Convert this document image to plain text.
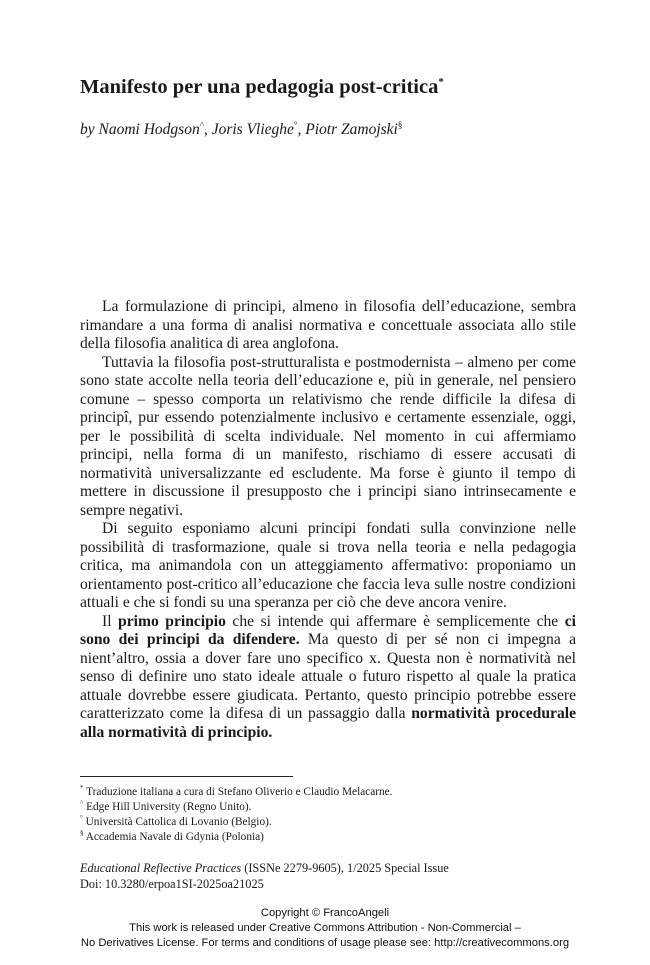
Manifesto per una pedagogia post-critica*
by Naomi Hodgson^, Joris Vlieghe°, Piotr Zamojski§

La formulazione di principi, almeno in filosofia dell’educazione, sembra rimandare a una forma di analisi normativa e concettuale associata allo stile della filosofia analitica di area anglofona.

Tuttavia la filosofia post-strutturalista e postmodernista – almeno per come sono state accolte nella teoria dell’educazione e, più in generale, nel pensiero comune – spesso comporta un relativismo che rende difficile la difesa di principî, pur essendo potenzialmente inclusivo e certamente essenziale, oggi, per le possibilità di scelta individuale. Nel momento in cui affermiamo principi, nella forma di un manifesto, rischiamo di essere accusati di normatività universalizzante ed escludente. Ma forse è giunto il tempo di mettere in discussione il presupposto che i principi siano intrinsecamente e sempre negativi.

Di seguito esponiamo alcuni principi fondati sulla convinzione nelle possibilità di trasformazione, quale si trova nella teoria e nella pedagogia critica, ma animandola con un atteggiamento affermativo: proponiamo un orientamento post-critico all’educazione che faccia leva sulle nostre condizioni attuali e che si fondi su una speranza per ciò che deve ancora venire.

Il primo principio che si intende qui affermare è semplicemente che ci sono dei principi da difendere. Ma questo di per sé non ci impegna a nient’altro, ossia a dover fare uno specifico x. Questa non è normatività nel senso di definire uno stato ideale attuale o futuro rispetto al quale la pratica attuale dovrebbe essere giudicata. Pertanto, questo principio potrebbe essere caratterizzato come la difesa di un passaggio dalla normatività procedurale alla normatività di principio.

* Traduzione italiana a cura di Stefano Oliverio e Claudio Melacarne.
^ Edge Hill University (Regno Unito).
° Università Cattolica di Lovanio (Belgio).
§ Accademia Navale di Gdynia (Polonia)
Educational Reflective Practices (ISSNe 2279-9605), 1/2025 Special Issue
Doi: 10.3280/erpoa1SI-2025oa21025
Copyright © FrancoAngeli
This work is released under Creative Commons Attribution - Non-Commercial –
No Derivatives License. For terms and conditions of usage please see: http://creativecommons.org
